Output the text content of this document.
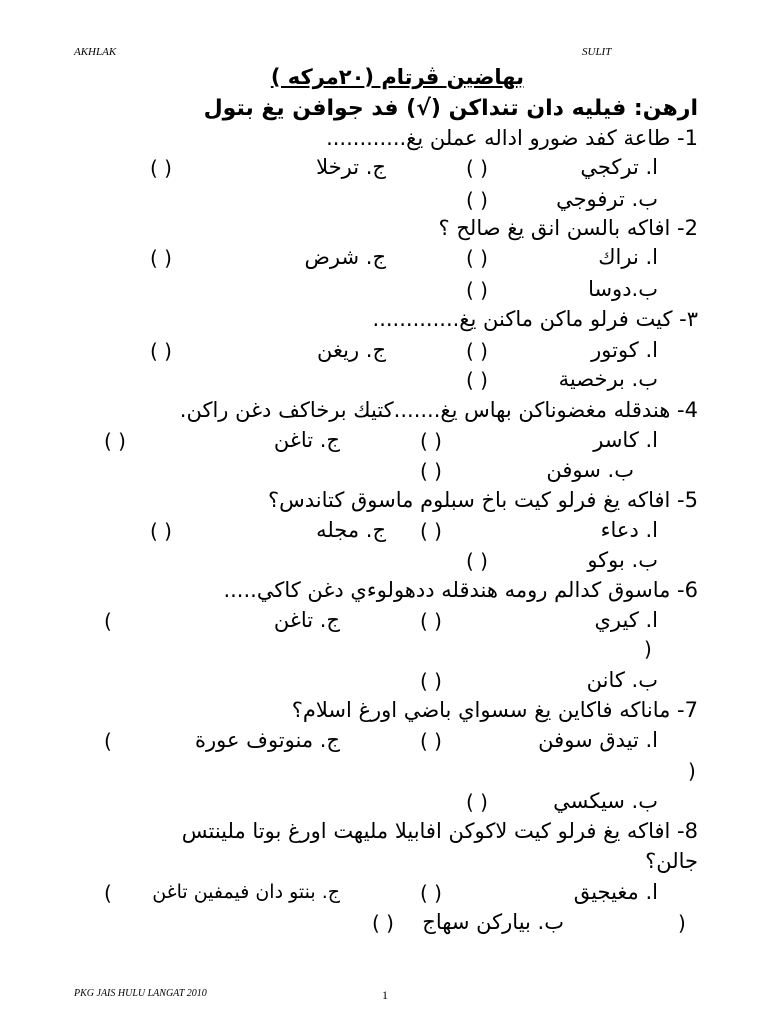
AKHLAK	SULIT
بهاضين ڤرتام (٢٠مركه )
ارهن: فيليه دان تنداكن (√) فد جوافن يغ بتول
1- طاعة كفد ضورو اداله عملن يغ............
ا. تركجي
( )
ج. ترخلا
( )
ب. ترفوجي
( )
2- افاكه بالسن انق يغ صالح ؟
ا. نراك
( )
ج. شرض
( )
ب.دوسا
( )
٣- كيت فرلو ماكن ماكنن يغ.............
ا. كوتور
( )
ج. ريغن
( )
ب. برخصية
( )
4- هندقله مغضوناكن بهاس يغ.......كتيك برخاكف دغن راكن.
ا. كاسر
( )
ج. تاغن
( )
ب. سوفن
( )
5- افاكه يغ فرلو كيت باخ سبلوم ماسوق كتاندس؟
ا. دعاء
( )
ج. مجله
( )
ب. بوكو
( )
6- ماسوق كدالم رومه هندقله ددهولوءي دغن كاكي.....
ا. كيري
( )
ج. تاغن
(
)
ب. كانن
( )
7- ماناكه فاكاين يغ سسواي باضي اورغ اسلام؟
ا. تيدق سوفن
( )
ج. منوتوف عورة
(
)
ب. سيكسي
( )
8- افاكه يغ فرلو كيت لاكوكن افابيلا مليهت اورغ بوتا ملينتس
جالن؟
ا. مغيجيق
( )
ج. بنتو دان فيمفين تاغن
(
)
ب. بياركن سهاج
( )
PKG JAIS HULU LANGAT 2010	1
